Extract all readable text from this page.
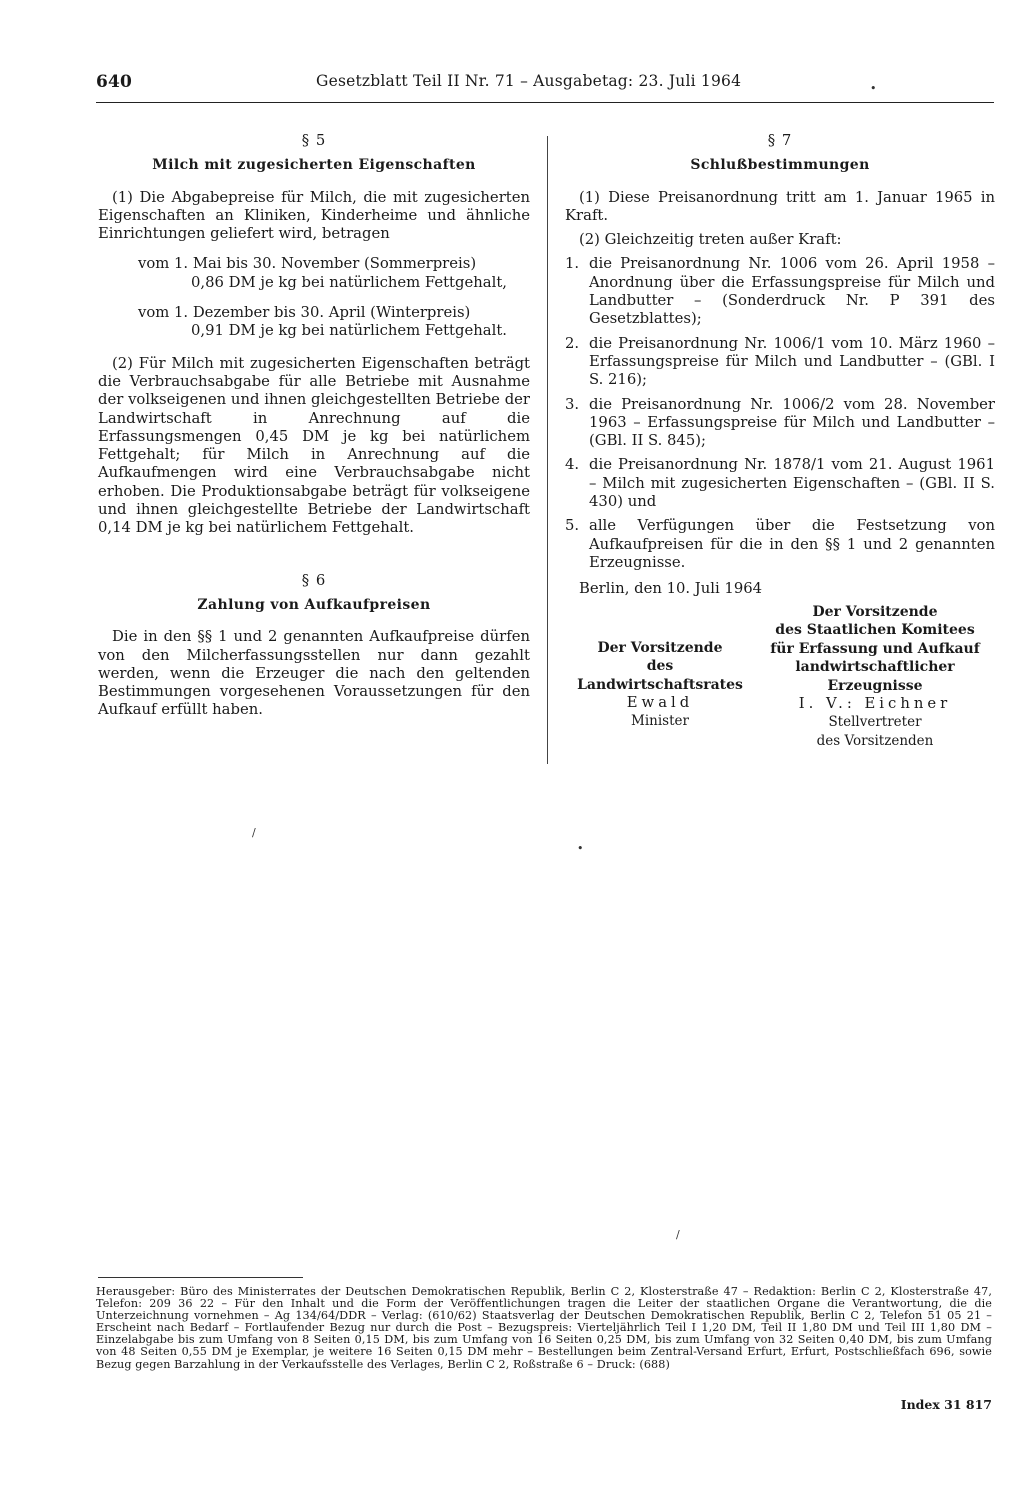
640	Gesetzblatt Teil II Nr. 71 – Ausgabetag: 23. Juli 1964
§ 5
Milch mit zugesicherten Eigenschaften

(1) Die Abgabepreise für Milch, die mit zugesicherten Eigenschaften an Kliniken, Kinderheime und ähnliche Einrichtungen geliefert wird, betragen

vom 1. Mai bis 30. November (Sommerpreis)
0,86 DM je kg bei natürlichem Fettgehalt,
vom 1. Dezember bis 30. April (Winterpreis)
0,91 DM je kg bei natürlichem Fettgehalt.

(2) Für Milch mit zugesicherten Eigenschaften beträgt die Verbrauchsabgabe für alle Betriebe mit Ausnahme der volkseigenen und ihnen gleichgestellten Betriebe der Landwirtschaft in Anrechnung auf die Erfassungsmengen 0,45 DM je kg bei natürlichem Fettgehalt; für Milch in Anrechnung auf die Aufkaufmengen wird eine Verbrauchsabgabe nicht erhoben. Die Produktionsabgabe beträgt für volkseigene und ihnen gleichgestellte Betriebe der Landwirtschaft 0,14 DM je kg bei natürlichem Fettgehalt.

§ 6
Zahlung von Aufkaufpreisen

Die in den §§ 1 und 2 genannten Aufkaufpreise dürfen von den Milcherfassungsstellen nur dann gezahlt werden, wenn die Erzeuger die nach den geltenden Bestimmungen vorgesehenen Voraussetzungen für den Aufkauf erfüllt haben.

§ 7
Schlußbestimmungen

(1) Diese Preisanordnung tritt am 1. Januar 1965 in Kraft.

(2) Gleichzeitig treten außer Kraft:

1. die Preisanordnung Nr. 1006 vom 26. April 1958 – Anordnung über die Erfassungspreise für Milch und Landbutter – (Sonderdruck Nr. P 391 des Gesetzblattes);
2. die Preisanordnung Nr. 1006/1 vom 10. März 1960 – Erfassungspreise für Milch und Landbutter – (GBl. I S. 216);
3. die Preisanordnung Nr. 1006/2 vom 28. November 1963 – Erfassungspreise für Milch und Landbutter – (GBl. II S. 845);
4. die Preisanordnung Nr. 1878/1 vom 21. August 1961 – Milch mit zugesicherten Eigenschaften – (GBl. II S. 430) und
5. alle Verfügungen über die Festsetzung von Aufkaufpreisen für die in den §§ 1 und 2 genannten Erzeugnisse.
Berlin, den 10. Juli 1964
Der Vorsitzende
des
Landwirtschaftsrates
Ewald
Minister
Der Vorsitzende
des Staatlichen Komitees
für Erfassung und Aufkauf
landwirtschaftlicher
Erzeugnisse
I. V.: Eichner
Stellvertreter
des Vorsitzenden
•
/
•
/
Herausgeber: Büro des Ministerrates der Deutschen Demokratischen Republik, Berlin C 2, Klosterstraße 47 – Redaktion: Berlin C 2, Klosterstraße 47, Telefon: 209 36 22 – Für den Inhalt und die Form der Veröffentlichungen tragen die Leiter der staatlichen Organe die Verantwortung, die die Unterzeichnung vornehmen – Ag 134/64/DDR – Verlag: (610/62) Staatsverlag der Deutschen Demokratischen Republik, Berlin C 2, Telefon 51 05 21 – Erscheint nach Bedarf – Fortlaufender Bezug nur durch die Post – Bezugspreis: Vierteljährlich Teil I 1,20 DM, Teil II 1,80 DM und Teil III 1,80 DM – Einzelabgabe bis zum Umfang von 8 Seiten 0,15 DM, bis zum Umfang von 16 Seiten 0,25 DM, bis zum Umfang von 32 Seiten 0,40 DM, bis zum Umfang von 48 Seiten 0,55 DM je Exemplar, je weitere 16 Seiten 0,15 DM mehr – Bestellungen beim Zentral-Versand Erfurt, Erfurt, Postschließfach 696, sowie Bezug gegen Barzahlung in der Verkaufsstelle des Verlages, Berlin C 2, Roßstraße 6 – Druck: (688)
Index 31 817
